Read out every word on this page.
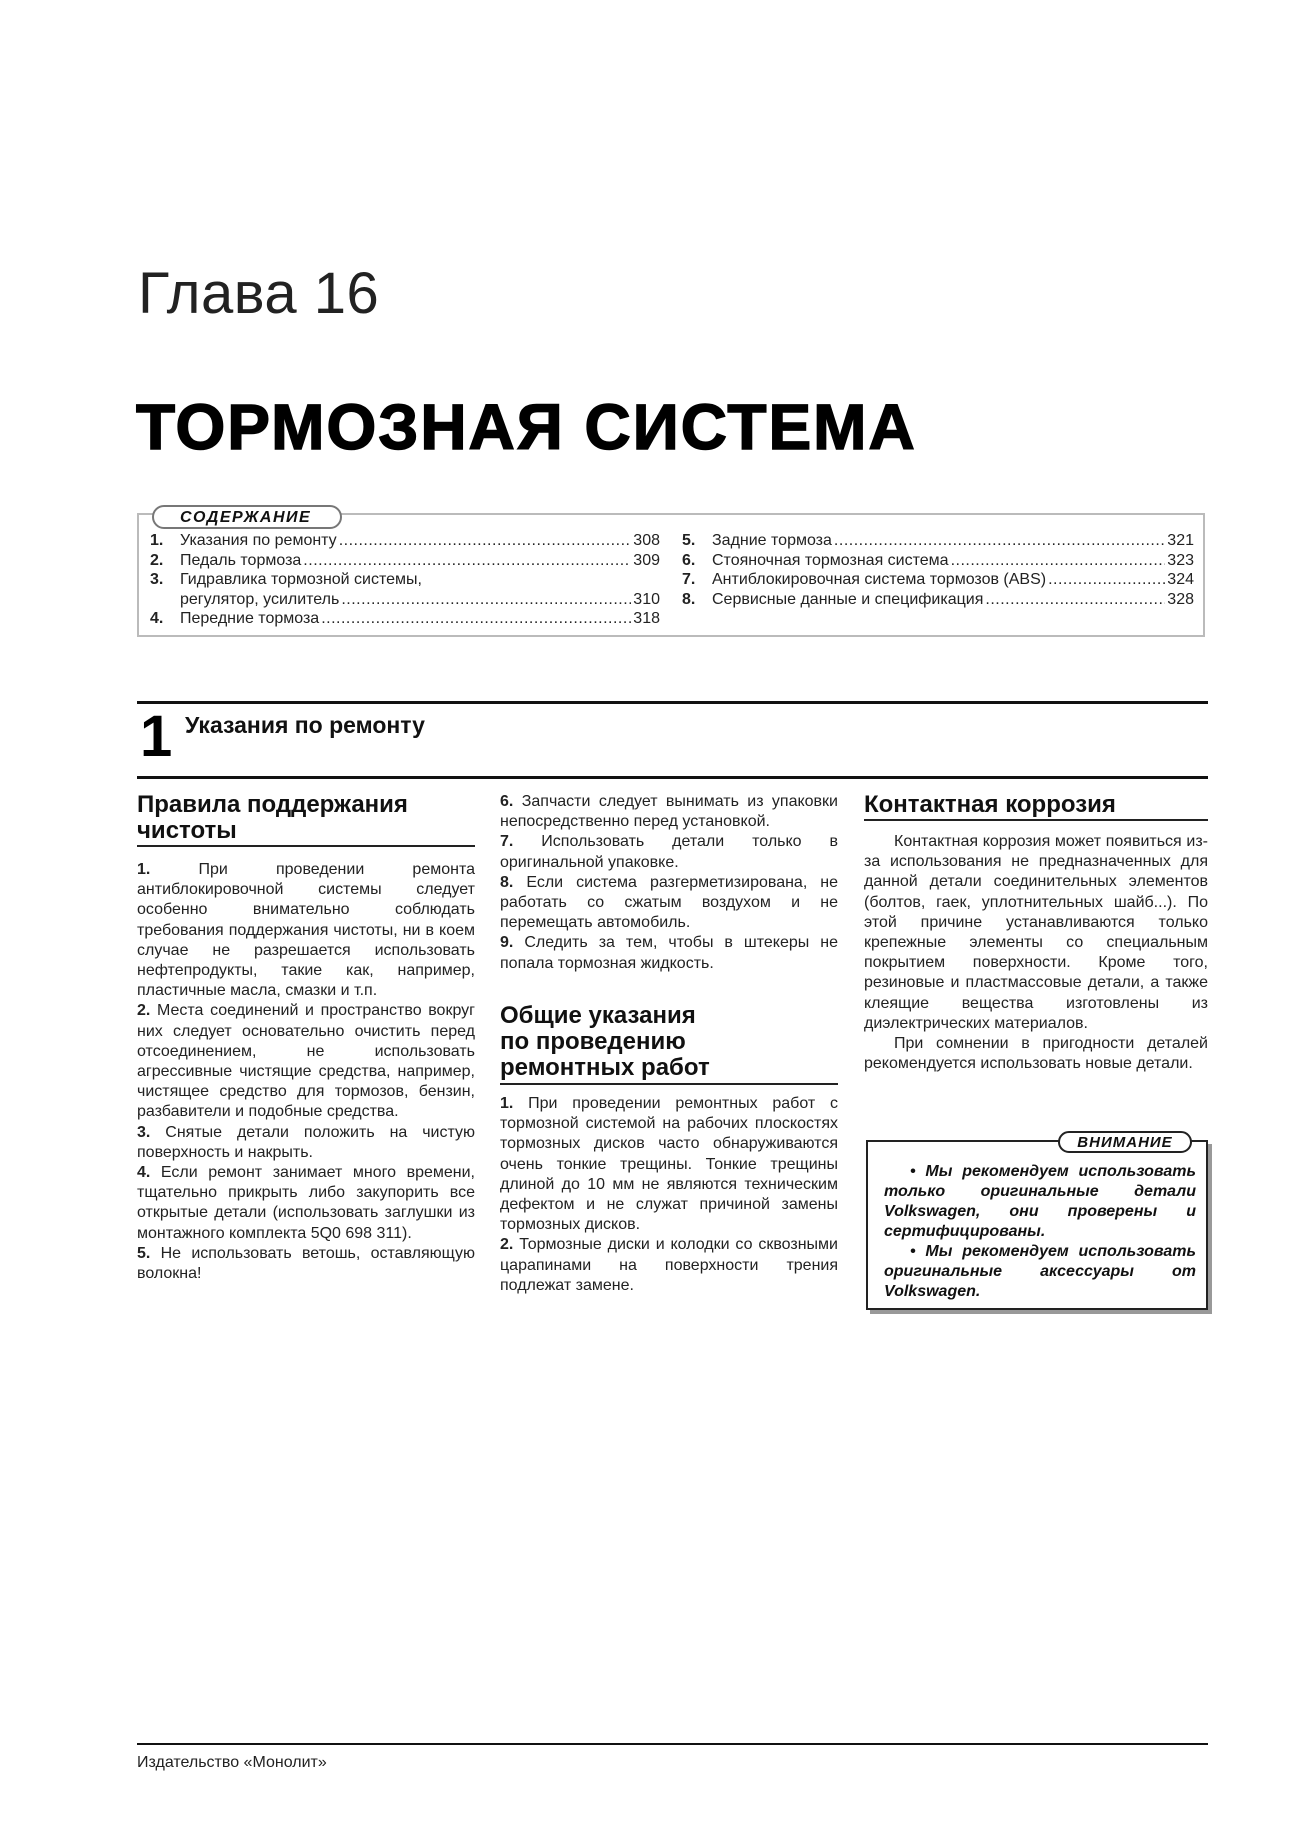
Глава 16
ТОРМОЗНАЯ СИСТЕМА
СОДЕРЖАНИЕ
1.	Указания по ремонту .....	308
2.	Педаль тормоза .....	309
3.	Гидравлика тормозной системы,
регулятор, усилитель .....	310
4.	Передние тормоза .....	318
5.	Задние тормоза .....	321
6.	Стояночная тормозная система .....	323
7.	Антиблокировочная система тормозов (ABS) .....	324
8.	Сервисные данные и спецификация .....	328
1 Указания по ремонту
Правила поддержания
чистоты

1.	При проведении ремонта антиблокировочной системы следует особенно внимательно соблюдать требования поддержания чистоты, ни в коем случае не разрешается использовать нефтепродукты, такие как, например, пластичные масла, смазки и т.п.

2. Места соединений и пространство вокруг них следует основательно очистить перед отсоединением, не использовать агрессивные чистящие средства, например, чистящее средство для тормозов, бензин, разбавители и подобные средства.

3. Снятые детали положить на чистую поверхность и накрыть.

4. Если ремонт занимает много времени, тщательно прикрыть либо закупорить все открытые детали (использовать заглушки из монтажного комплекта 5Q0 698 311).

5. Не использовать ветошь, оставляющую волокна!

6. Запчасти следует вынимать из упаковки непосредственно перед установкой.

7. Использовать детали только в оригинальной упаковке.

8. Если система разгерметизирована, не работать со сжатым воздухом и не перемещать автомобиль.

9. Следить за тем, чтобы в штекеры не попала тормозная жидкость.

Общие указания
по проведению
ремонтных работ

1. При проведении ремонтных работ с тормозной системой на рабочих плоскостях тормозных дисков часто обнаруживаются очень тонкие трещины. Тонкие трещины длиной до 10 мм не являются техническим дефектом и не служат причиной замены тормозных дисков.

2. Тормозные диски и колодки со сквозными царапинами на поверхности трения подлежат замене.

Контактная коррозия

Контактная коррозия может появиться из-за использования не предназначенных для данной детали соединительных элементов (болтов, гаек, уплотнительных шайб...). По этой причине устанавливаются только крепежные элементы со специальным покрытием поверхности. Кроме того, резиновые и пластмассовые детали, а также клеящие вещества изготовлены из диэлектрических материалов.

При сомнении в пригодности деталей рекомендуется использовать новые детали.

ВНИМАНИЕ

• Мы рекомендуем использовать только оригинальные детали Volkswagen, они проверены и сертифицированы.

• Мы рекомендуем использовать оригинальные аксессуары от Volkswagen.

Издательство «Монолит»
